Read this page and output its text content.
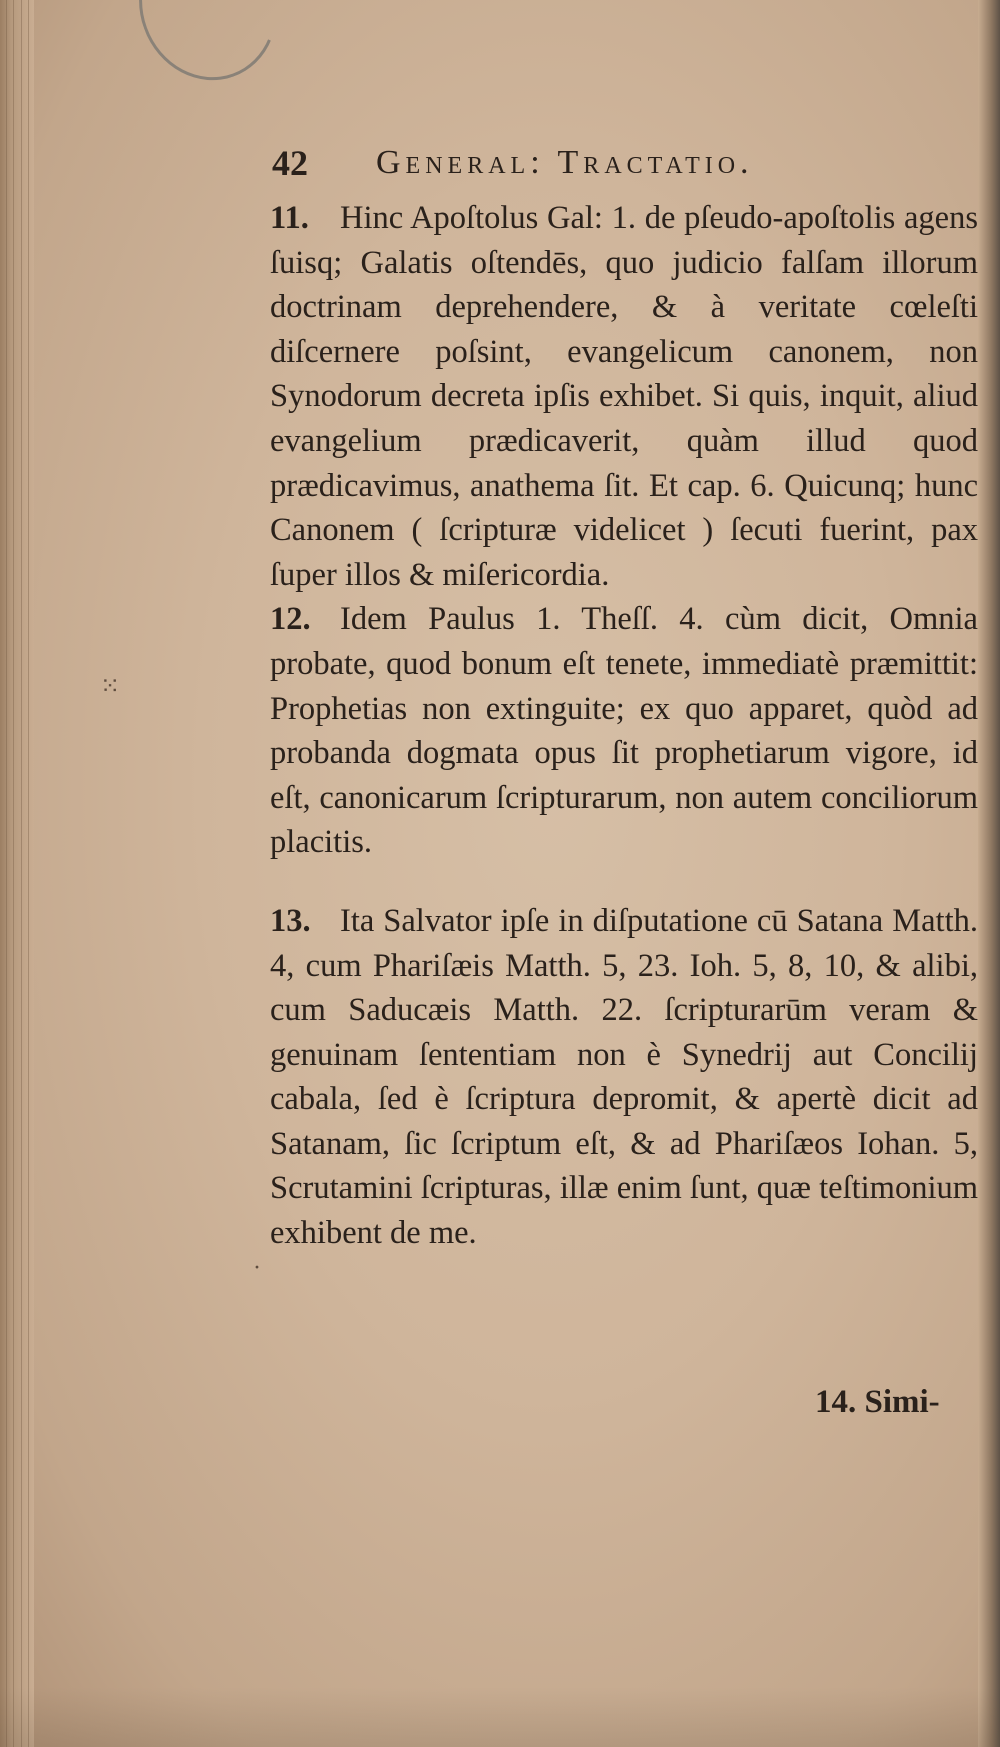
⁙
·
42 General: Tractatio.

11. Hinc Apoſtolus Gal: 1. de pſeudo-apoſtolis agens ſuisq; Galatis oſtendēs, quo judicio falſam illorum doctrinam deprehendere, & à veritate cœleſti diſcernere poſsint, evangelicum canonem, non Synodorum decreta ipſis exhibet. Si quis, inquit, aliud evangelium prædicaverit, quàm illud quod prædicavimus, anathema ſit. Et cap. 6. Quicunq; hunc Canonem ( ſcripturæ videlicet ) ſecuti fuerint, pax ſuper illos & miſericordia.

12. Idem Paulus 1. Theſſ. 4. cùm dicit, Omnia probate, quod bonum eſt tenete, immediatè præmittit: Prophetias non extinguite; ex quo apparet, quòd ad probanda dogmata opus ſit prophetiarum vigore, id eſt, canonicarum ſcripturarum, non autem conciliorum placitis.

13. Ita Salvator ipſe in diſputatione cū Satana Matth. 4, cum Phariſæis Matth. 5, 23. Ioh. 5, 8, 10, & alibi, cum Saducæis Matth. 22. ſcripturarūm veram & genuinam ſententiam non è Synedrij aut Concilij cabala, ſed è ſcriptura depromit, & apertè dicit ad Satanam, ſic ſcriptum eſt, & ad Phariſæos Iohan. 5, Scrutamini ſcripturas, illæ enim ſunt, quæ teſtimonium exhibent de me.

14. Simi-
